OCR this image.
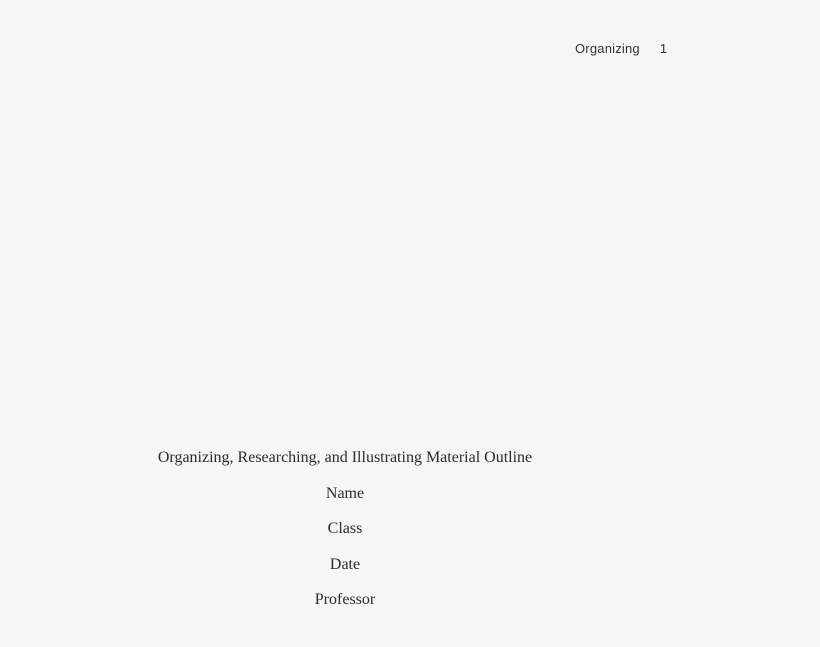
Organizing 1
Organizing, Researching, and Illustrating Material Outline
Name
Class
Date
Professor
